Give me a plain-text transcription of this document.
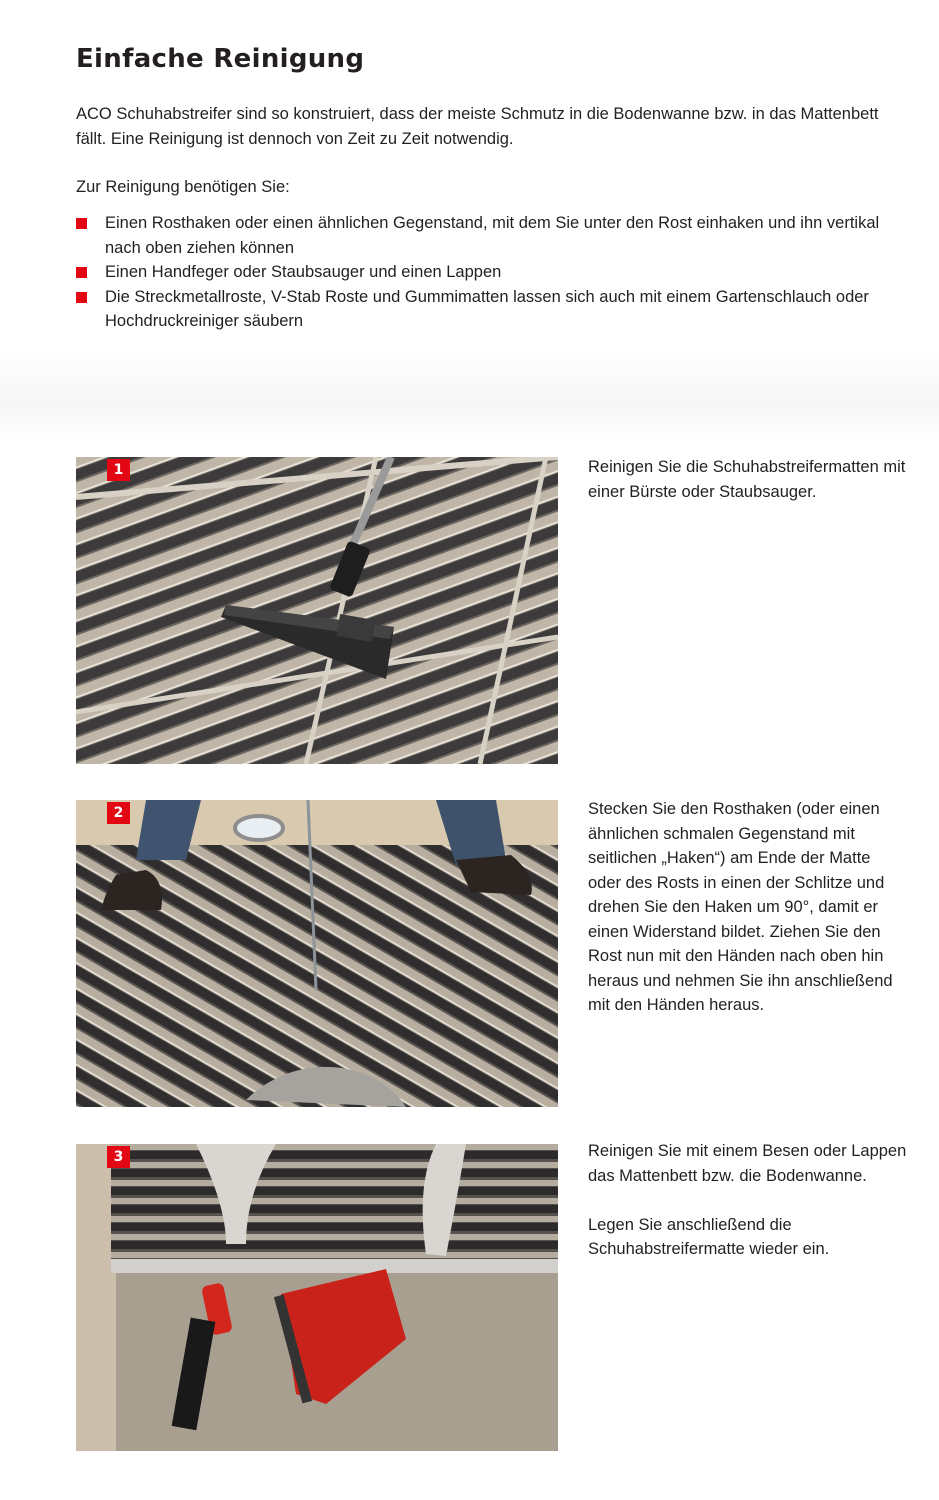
Einfache Reinigung

ACO Schuhabstreifer sind so konstruiert, dass der meiste Schmutz in die Bodenwanne bzw. in das Mattenbett fällt. Eine Reinigung ist dennoch von Zeit zu Zeit notwendig.

Zur Reinigung benötigen Sie:

Einen Rosthaken oder einen ähnlichen Gegenstand, mit dem Sie unter den Rost einhaken und ihn vertikal nach oben ziehen können
Einen Handfeger oder Staubsauger und einen Lappen
Die Streckmetallroste, V-Stab Roste und Gummimatten lassen sich auch mit einem Gartenschlauch oder Hochdruckreiniger säubern
1	Reinigen Sie die Schuhabstreifermatten mit einer Bürste oder Staubsauger.

2	Stecken Sie den Rosthaken (oder einen ähnlichen schmalen Gegenstand mit seitlichen „Haken“) am Ende der Matte oder des Rosts in einen der Schlitze und drehen Sie den Haken um 90°, damit er einen Widerstand bildet. Ziehen Sie den Rost nun mit den Händen nach oben hin heraus und nehmen Sie ihn anschließend mit den Händen heraus.

3	Reinigen Sie mit einem Besen oder Lappen das Mattenbett bzw. die Bodenwanne.
Legen Sie anschließend die Schuhabstreifermatte wieder ein.
